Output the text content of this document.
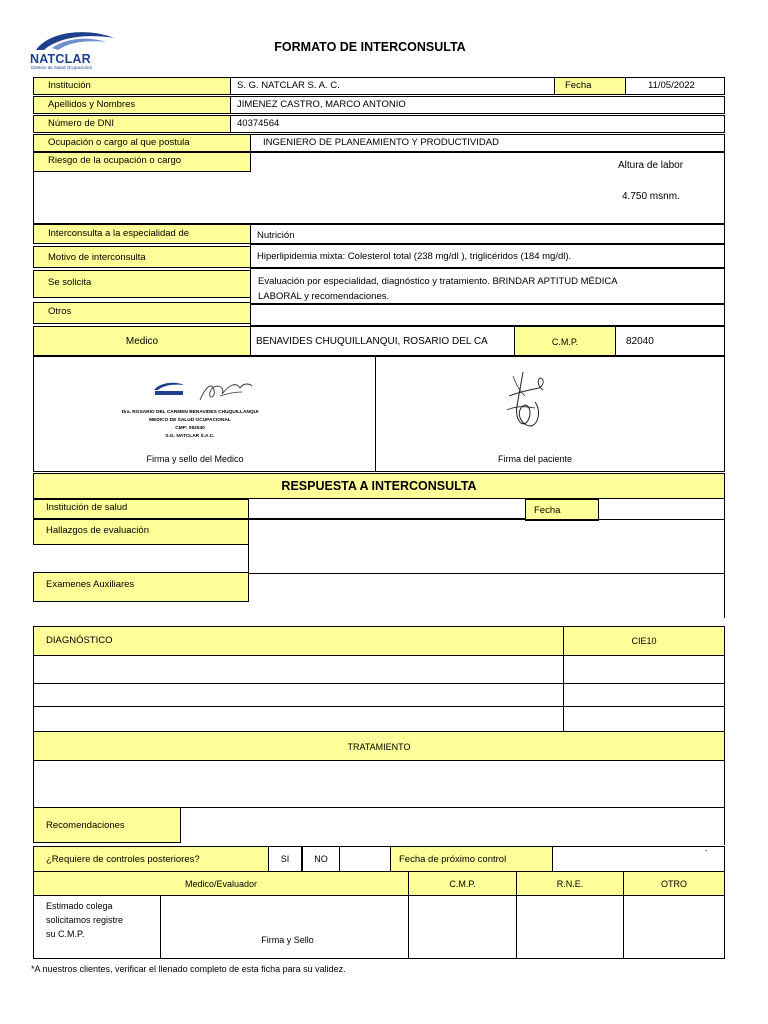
NATCLAR
Gestión de Salud Ocupacional
FORMATO DE INTERCONSULTA
Institución	S. G. NATCLAR S. A. C.	Fecha	11/05/2022
Apellidos y Nombres	JIMENEZ CASTRO, MARCO ANTONIO
Número de DNI	40374564
Ocupación o cargo al que postula	INGENIERO DE PLANEAMIENTO Y PRODUCTIVIDAD
Riesgo de la ocupación o cargo	Altura de labor
4.750 msnm.
Interconsulta a la especialidad de	Nutrición
Motivo de interconsulta	Hiperlipidemia mixta: Colesterol total (238 mg/dl ), triglicéridos (184 mg/dl).
Se solicita	Evaluación por especialidad, diagnóstico y tratamiento. BRINDAR APTITUD MÉDICA
LABORAL y recomendaciones.
Otros
Medico	BENAVIDES CHUQUILLANQUI, ROSARIO DEL CA	C.M.P.	82040
Dra. ROSARIO DEL CARMEN BENAVIDES CHUQUILLANQUI
MEDICO DE SALUD OCUPACIONAL
CMP: 082040
S.G. NATCLAR S.A.C.
Firma y sello del Medico	Firma del paciente
RESPUESTA A INTERCONSULTA
Institución de salud	Fecha
Hallazgos de evaluación
Examenes Auxiliares
DIAGNÓSTICO	CIE10
TRATAMIENTO
Recomendaciones
¿Requiere de controles posteriores?	SI	NO	Fecha de próximo control
.
Medico/Evaluador	C.M.P.	R.N.E.	OTRO
Estimado colega
solicitamos registre
su C.M.P.
Firma y Sello
*A nuestros clientes, verificar el llenado completo de esta ficha para su validez.
